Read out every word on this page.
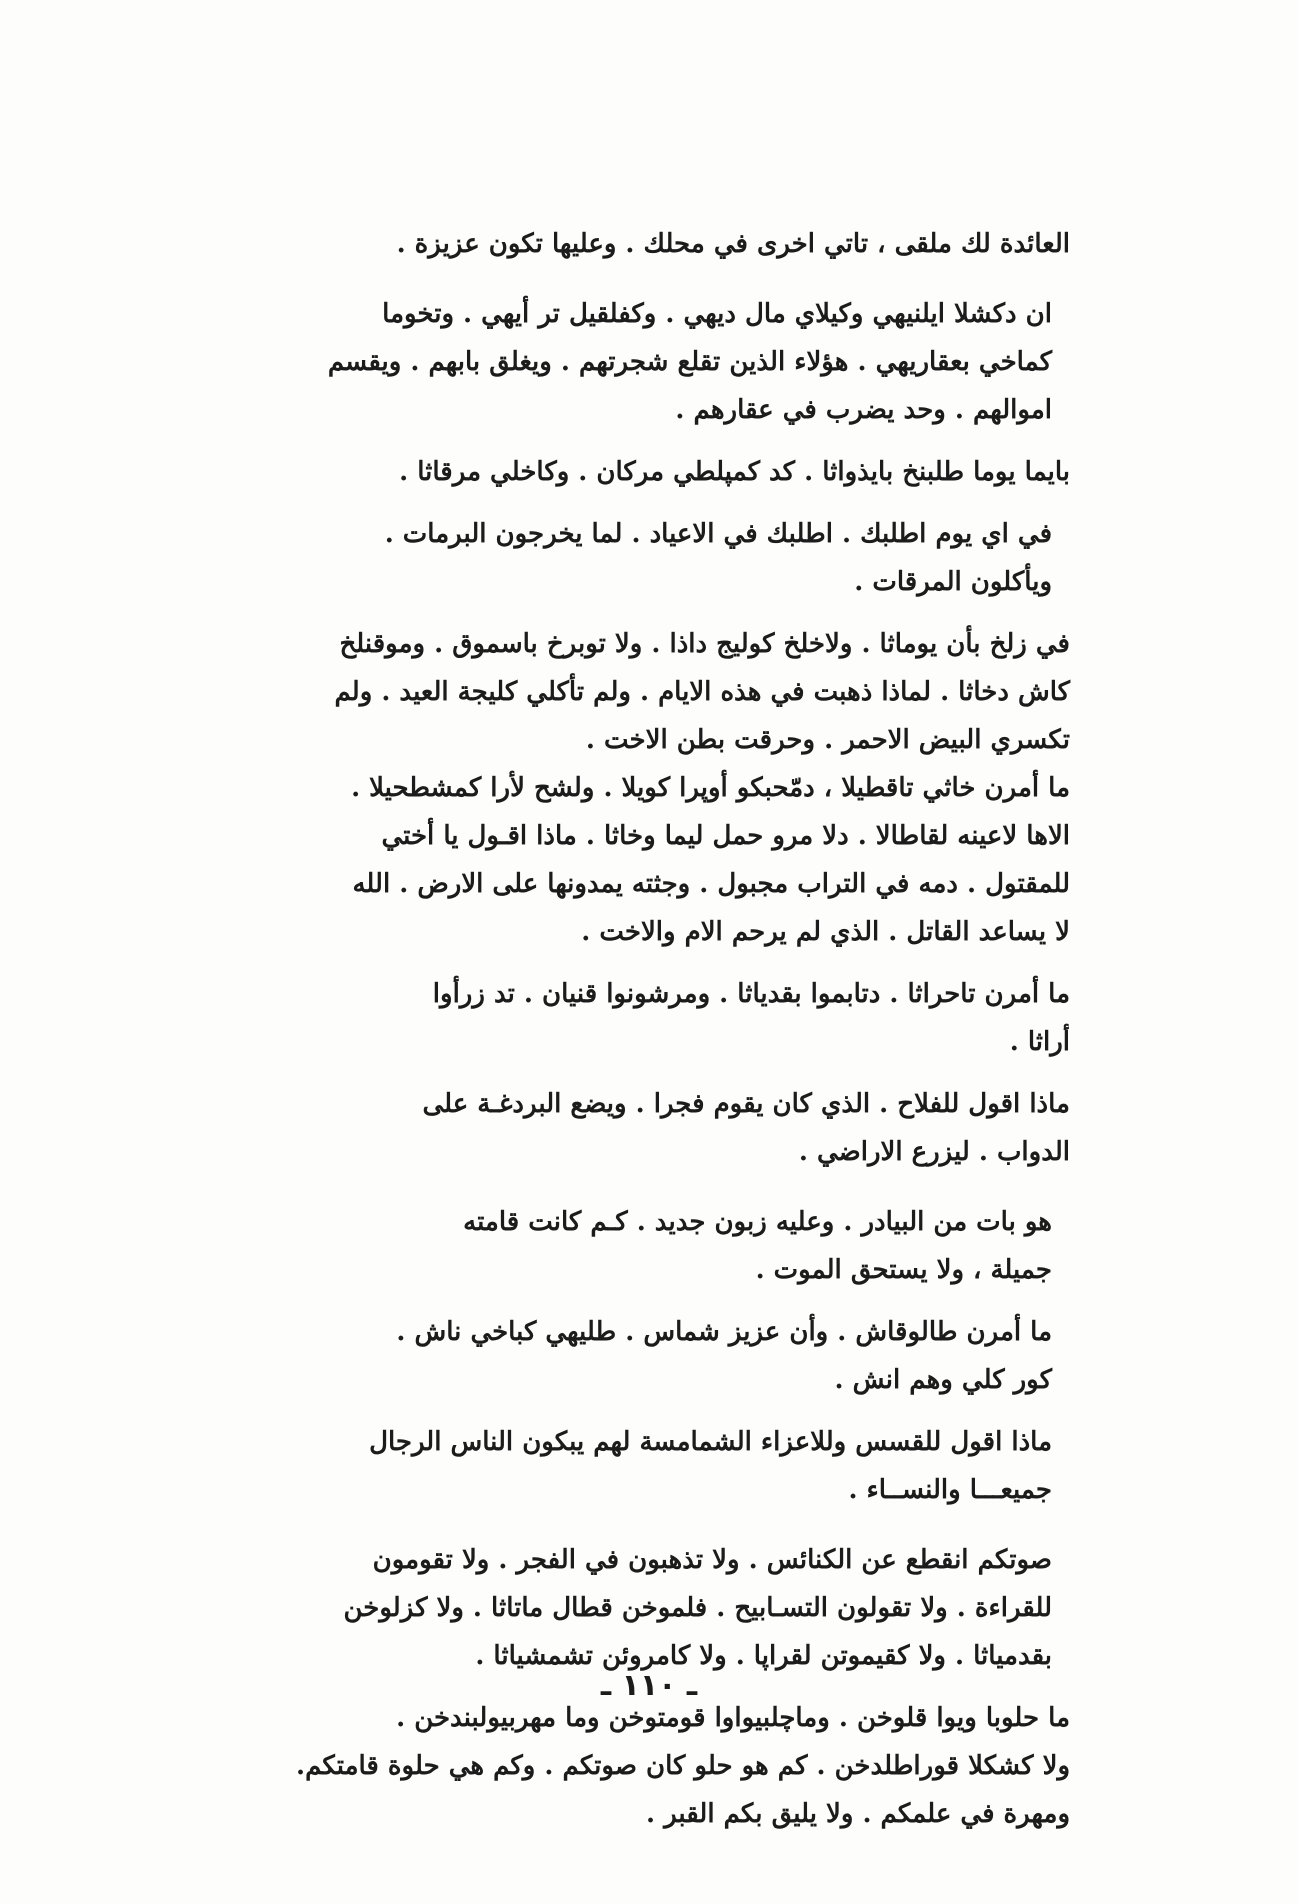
العائدة لك ملقى ، تاتي اخرى في محلك . وعليها تكون عزيزة .

ان دكشلا ايلنيهي وكيلاي مال ديهي . وكفلقيل تر أيهي . وتخوما
كماخي بعقاريهي . هؤلاء الذين تقلع شجرتهم . ويغلق بابهم . ويقسم
اموالهم . وحد يضرب في عقارهم .

بايما يوما طلبنخ بايذواثا . كد كمپلطي مركان . وكاخلي مرقاثا .

في اي يوم اطلبك . اطلبك في الاعياد . لما يخرجون البرمات .
ويأكلون المرقات .

في زلخ بأن يوماثا . ولاخلخ كوليج داذا . ولا توبرخ باسموق . وموقنلخ
كاش دخاثا . لماذا ذهبت في هذه الايام . ولم تأكلي كليجة العيد . ولم
تكسري البيض الاحمر . وحرقت بطن الاخت .
ما أمرن خاثي تاقطيلا ، دمّحبكو أوپرا كويلا . ولشح لأرا كمشطحيلا .
الاها لاعينه لقاطالا . دلا مرو حمل ليما وخاثا . ماذا اقـول يا أختي
للمقتول . دمه في التراب مجبول . وجثته يمدونها على الارض . الله
لا يساعد القاتل . الذي لم يرحم الام والاخت .

ما أمرن تاحراثا . دتابموا بقدياثا . ومرشونوا قنيان . تد زرأوا
أراثا .

ماذا اقول للفلاح . الذي كان يقوم فجرا . ويضع البردغـة على
الدواب . ليزرع الاراضي .

هو بات من البيادر . وعليه زبون جديد . كـم كانت قامته
جميلة ، ولا يستحق الموت .

ما أمرن طالوقاش . وأن عزيز شماس . طليهي كباخي ناش .
كور كلي وهم انش .

ماذا اقول للقسس وللاعزاء الشمامسة لهم يبكون الناس الرجال
جميعـــا والنســاء .

صوتكم انقطع عن الكنائس . ولا تذهبون في الفجر . ولا تقومون
للقراءة . ولا تقولون التسـابيح . فلموخن قطال ماتاثا . ولا كزلوخن
بقدمياثا . ولا كقيموتن لقراپا . ولا كامروئن تشمشياثا .

ما حلوبا ويوا قلوخن . وماچلبيواوا قومتوخن وما مهربيولبندخن .
ولا كشكلا قوراطلدخن . كم هو حلو كان صوتكم . وكم هي حلوة قامتكم.
ومهرة في علمكم . ولا يليق بكم القبر .

ـ ١١٠ ـ
